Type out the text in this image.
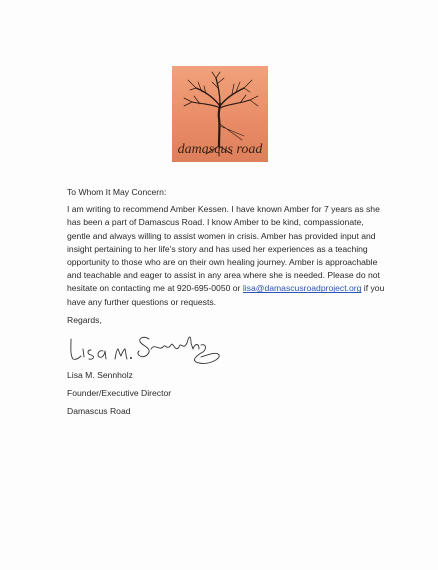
damascus road

To Whom It May Concern:

I am writing to recommend Amber Kessen. I have known Amber for 7 years as she has been a part of Damascus Road. I know Amber to be kind, compassionate, gentle and always willing to assist women in crisis. Amber has provided input and insight pertaining to her life's story and has used her experiences as a teaching opportunity to those who are on their own healing journey. Amber is approachable and teachable and eager to assist in any area where she is needed. Please do not hesitate on contacting me at 920-695-0050 or lisa@damascusroadproject.org if you have any further questions or requests.

Regards,

Lisa M. Sennholz

Founder/Executive Director

Damascus Road
